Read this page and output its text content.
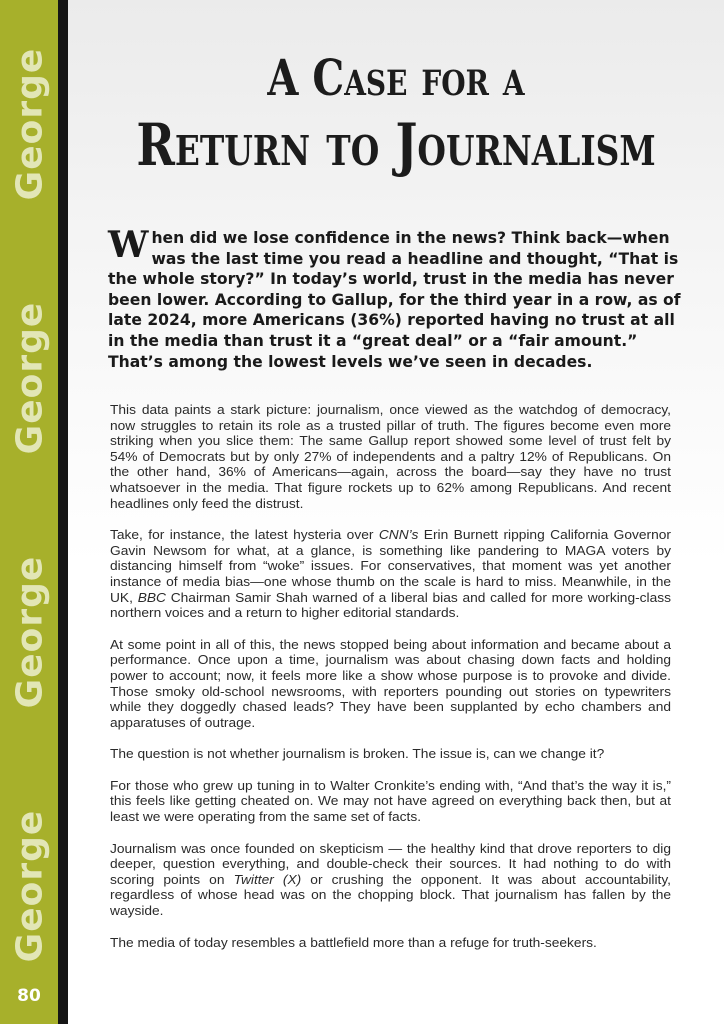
George
George
George
George
80
A Case for a
Return to Journalism

When did we lose confidence in the news? Think back—when was the last time you read a headline and thought, “That is the whole story?” In today’s world, trust in the media has never been lower. According to Gallup, for the third year in a row, as of late 2024, more Americans (36%) reported having no trust at all in the media than trust it a “great deal” or a “fair amount.” That’s among the lowest levels we’ve seen in decades.

This data paints a stark picture: journalism, once viewed as the watchdog of democracy, now struggles to retain its role as a trusted pillar of truth. The figures become even more striking when you slice them: The same Gallup report showed some level of trust felt by 54% of Democrats but by only 27% of independents and a paltry 12% of Republicans. On the other hand, 36% of Americans—again, across the board—say they have no trust whatsoever in the media. That figure rockets up to 62% among Republicans. And recent headlines only feed the distrust.

Take, for instance, the latest hysteria over CNN’s Erin Burnett ripping California Governor Gavin Newsom for what, at a glance, is something like pandering to MAGA voters by distancing himself from “woke” issues. For conservatives, that moment was yet another instance of media bias—one whose thumb on the scale is hard to miss. Meanwhile, in the UK, BBC Chairman Samir Shah warned of a liberal bias and called for more working-class northern voices and a return to higher editorial standards.

At some point in all of this, the news stopped being about information and became about a performance. Once upon a time, journalism was about chasing down facts and holding power to account; now, it feels more like a show whose purpose is to provoke and divide. Those smoky old-school newsrooms, with reporters pounding out stories on typewriters while they doggedly chased leads? They have been supplanted by echo chambers and apparatuses of outrage.

The question is not whether journalism is broken. The issue is, can we change it?

For those who grew up tuning in to Walter Cronkite’s ending with, “And that’s the way it is,” this feels like getting cheated on. We may not have agreed on everything back then, but at least we were operating from the same set of facts.

Journalism was once founded on skepticism — the healthy kind that drove reporters to dig deeper, question everything, and double-check their sources. It had nothing to do with scoring points on Twitter (X) or crushing the opponent. It was about accountability, regardless of whose head was on the chopping block. That journalism has fallen by the wayside.

The media of today resembles a battlefield more than a refuge for truth-seekers.
